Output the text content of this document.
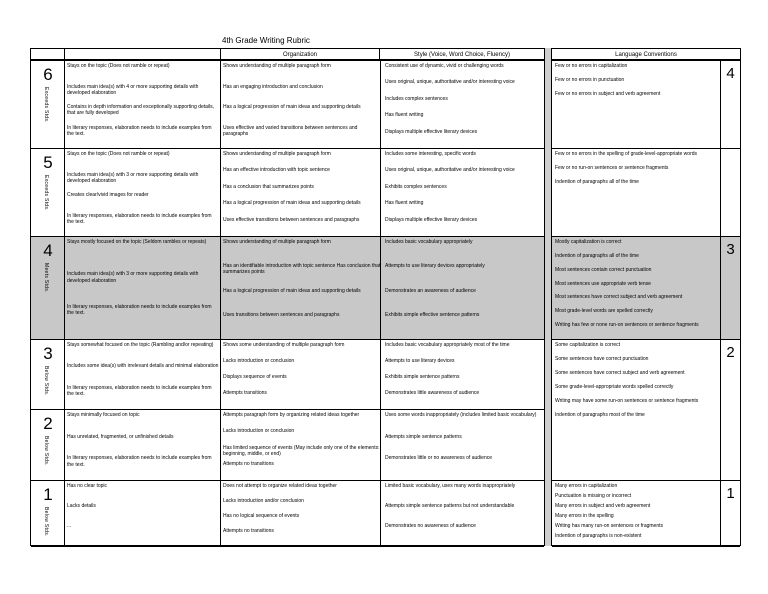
4th Grade Writing Rubric
Organization	Style (Voice, Word Choice, Fluency)	Language Conventions
6
Exceeds Stds.
Stays on the topic (Does not ramble or repeat)
Includes main idea(s) with 4 or more supporting details with developed elaboration
Contains in depth information and exceptionally supporting details, that are fully developed
In literary responses, elaboration needs to include examples from the text.
Shows understanding of multiple paragraph form
Has an engaging introduction and conclusion
Has a logical progression of main ideas and supporting details
Uses effective and varied transitions between sentences and paragraphs
Consistent use of dynamic, vivid or challenging words
Uses original, unique, authoritative and/or interesting voice
Includes complex sentences
Has fluent writing
Displays multiple effective literary devices
5
Exceeds Stds.
Stays on the topic (Does not ramble or repeat)
Includes main idea(s) with 3 or more supporting details with developed elaboration
Creates clear/vivid images for reader
In literary responses, elaboration needs to include examples from the text.
Shows understanding of multiple paragraph form
Has an effective introduction with topic sentence
Has a conclusion that summarizes points
Has a logical progression of main ideas and supporting details
Uses effective transitions between sentences and paragraphs
Includes some interesting, specific words
Uses original, unique, authoritative and/or interesting voice
Exhibits complex sentences
Has fluent writing
Displays multiple effective literary devices
4
Meets Stds.
Stays mostly focused on the topic (Seldom rambles or repeats)
Includes main idea(s) with 3 or more supporting details with developed elaboration
In literary responses, elaboration needs to include examples from the text.
Shows understanding of multiple paragraph form
Has an identifiable introduction with topic sentence Has conclusion that summarizes points
Has a logical progression of main ideas and supporting details
Uses transitions between sentences and paragraphs
Includes basic vocabulary appropriately
Attempts to use literary devices appropriately
Demonstrates an awareness of audience
Exhibits simple effective sentence patterns
3
Below Stds.
Stays somewhat focused on the topic (Rambling and/or repeating)
Includes some idea(s) with irrelevant details and minimal elaboration
In literary responses, elaboration needs to include examples from the text.
Shows some understanding of multiple paragraph form
Lacks introduction or conclusion
Displays sequence of events
Attempts transitions
Includes basic vocabulary appropriately most of the time
Attempts to use literary devices
Exhibits simple sentence patterns
Demonstrates little awareness of audience
2
Below Stds.
Stays minimally focused on topic
Has unrelated, fragmented, or unfinished details
In literary responses, elaboration needs to include examples from the text.
Attempts paragraph form by organizing related ideas together
Lacks introduction or conclusion
Has limited sequence of events (May include only one of the elements: beginning, middle, or end)
Attempts no transitions
Uses some words inappropriately (includes limited basic vocabulary)
Attempts simple sentence patterns
Demonstrates little or no awareness of audience
1
Below Stds.
Has no clear topic
Lacks details
...
Does not attempt to organize related ideas together
Lacks introduction and/or conclusion
Has no logical sequence of events
Attempts no transitions
Limited basic vocabulary, uses many words inappropriately
Attempts simple sentence patterns but not understandable
Demonstrates no awareness of audience
4
Few or no errors in capitalization
Few or no errors in punctuation
Few or no errors in subject and verb agreement
Few or no errors in the spelling of grade-level-appropriate words
Few or no run-on sentences or sentence fragments
Indention of paragraphs all of the time
3
Mostly capitalization is correct
Indention of paragraphs all of the time
Most sentences contain correct punctuation
Most sentences use appropriate verb tense
Most sentences have correct subject and verb agreement
Most grade-level words are spelled correctly
Writing has few or none run-on sentences or sentence fragments
2
Some capitalization is correct
Some sentences have correct punctuation
Some sentences have correct subject and verb agreement
Some grade-level-appropriate words spelled correctly
Writing may have some run-on sentences or sentence fragments
Indention of paragraphs most of the time
1
Many errors in capitalization
Punctuation is missing or incorrect
Many errors in subject and verb agreement
Many errors in the spelling
Writing has many run-on sentences or fragments
Indention of paragraphs is non-existent
